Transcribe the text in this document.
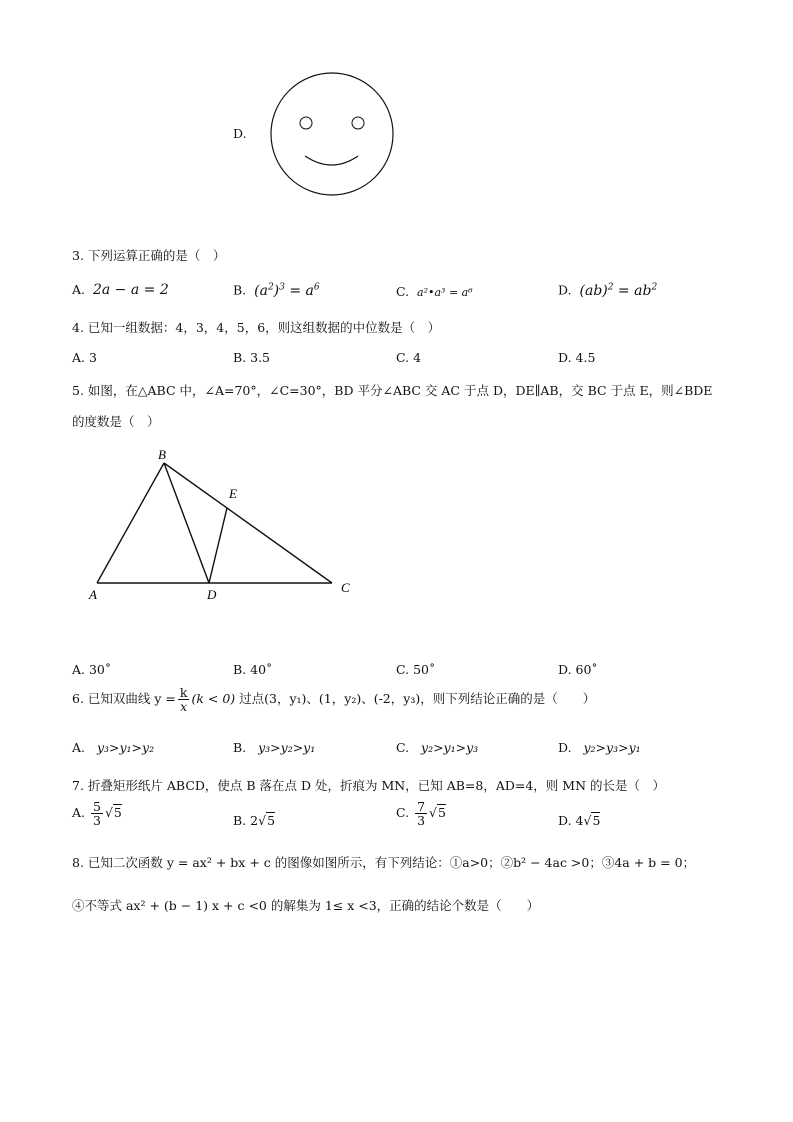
D.
3. 下列运算正确的是（　）
A. 2a − a = 2	B. $(a^2)^3 = a^6$	C. a²•a³ = a⁶	D. $(ab)^2 = ab^2$
4. 已知一组数据：4，3，4，5，6，则这组数据的中位数是（　）
A. 3	B. 3.5	C. 4	D. 4.5
5. 如图，在△ABC 中，∠A=70°，∠C=30°，BD 平分∠ABC 交 AC 于点 D，DE∥AB，交 BC 于点 E，则∠BDE
的度数是（　）
B
A	D	C
E
A. 30˚	B. 40˚	C. 50˚	D. 60˚
6. 已知双曲线 $y = \frac{k}{x} (k < 0)$ 过点(3，y₁)、(1，y₂)、(-2，y₃)，则下列结论正确的是（　　）
A. y₃>y₁>y₂	B. y₃>y₂>y₁	C. y₂>y₁>y₃	D. y₂>y₃>y₁
7. 折叠矩形纸片 ABCD，使点 B 落在点 D 处，折痕为 MN，已知 AB=8，AD=4，则 MN 的长是（　）
A. $\frac{5}{3} √5$
B. 2√5
C. $\frac{7}{3} √5$
D. 4√5
8. 已知二次函数 y = ax² + bx + c 的图像如图所示，有下列结论：①a>0；②b² − 4ac >0；③4a + b = 0；
④不等式 ax² + (b − 1) x + c <0 的解集为 1≤ x <3，正确的结论个数是（　　）
